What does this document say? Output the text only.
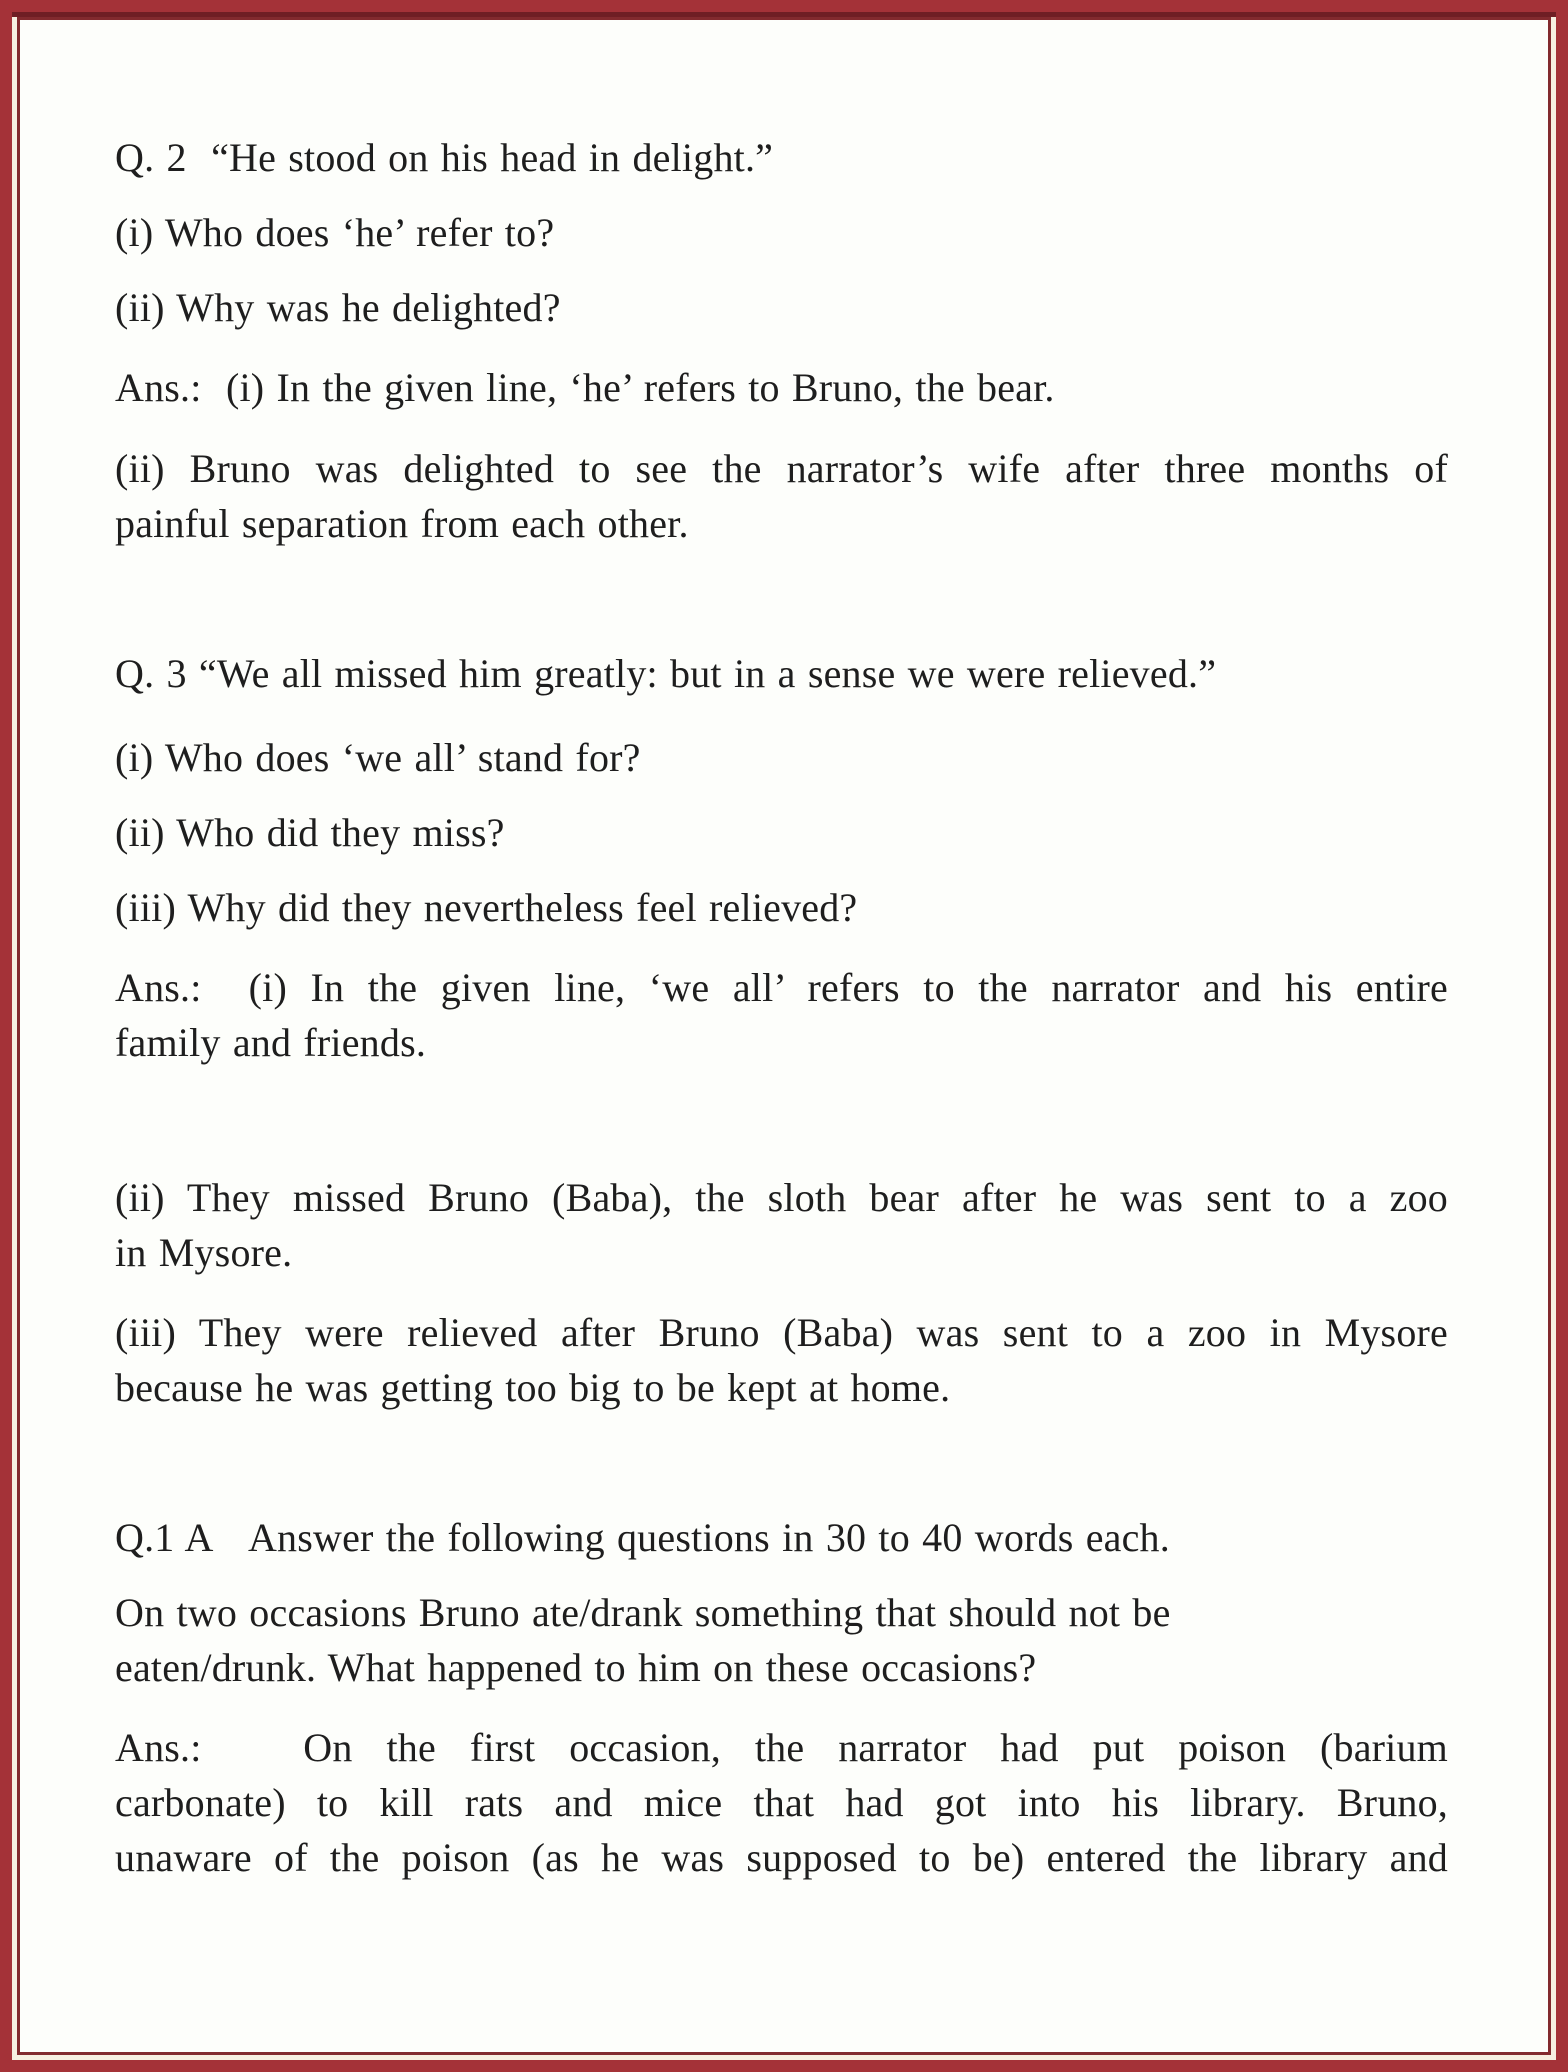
Q. 2  “He stood on his head in delight.”

(i) Who does ‘he’ refer to?

(ii) Why was he delighted?

Ans.:  (i) In the given line, ‘he’ refers to Bruno, the bear.

(ii) Bruno was delighted to see the narrator’s wife after three months of

painful separation from each other.

Q. 3 “We all missed him greatly: but in a sense we were relieved.”

(i) Who does ‘we all’ stand for?

(ii) Who did they miss?

(iii) Why did they nevertheless feel relieved?

Ans.:  (i) In the given line, ‘we all’ refers to the narrator and his entire

family and friends.

(ii) They missed Bruno (Baba), the sloth bear after he was sent to a zoo

in Mysore.

(iii) They were relieved after Bruno (Baba) was sent to a zoo in Mysore

because he was getting too big to be kept at home.

Q.1 A   Answer the following questions in 30 to 40 words each.

On two occasions Bruno ate/drank something that should not be

eaten/drunk. What happened to him on these occasions?

Ans.:   On the first occasion, the narrator had put poison (barium

carbonate) to kill rats and mice that had got into his library. Bruno,

unaware of the poison (as he was supposed to be) entered the library and
